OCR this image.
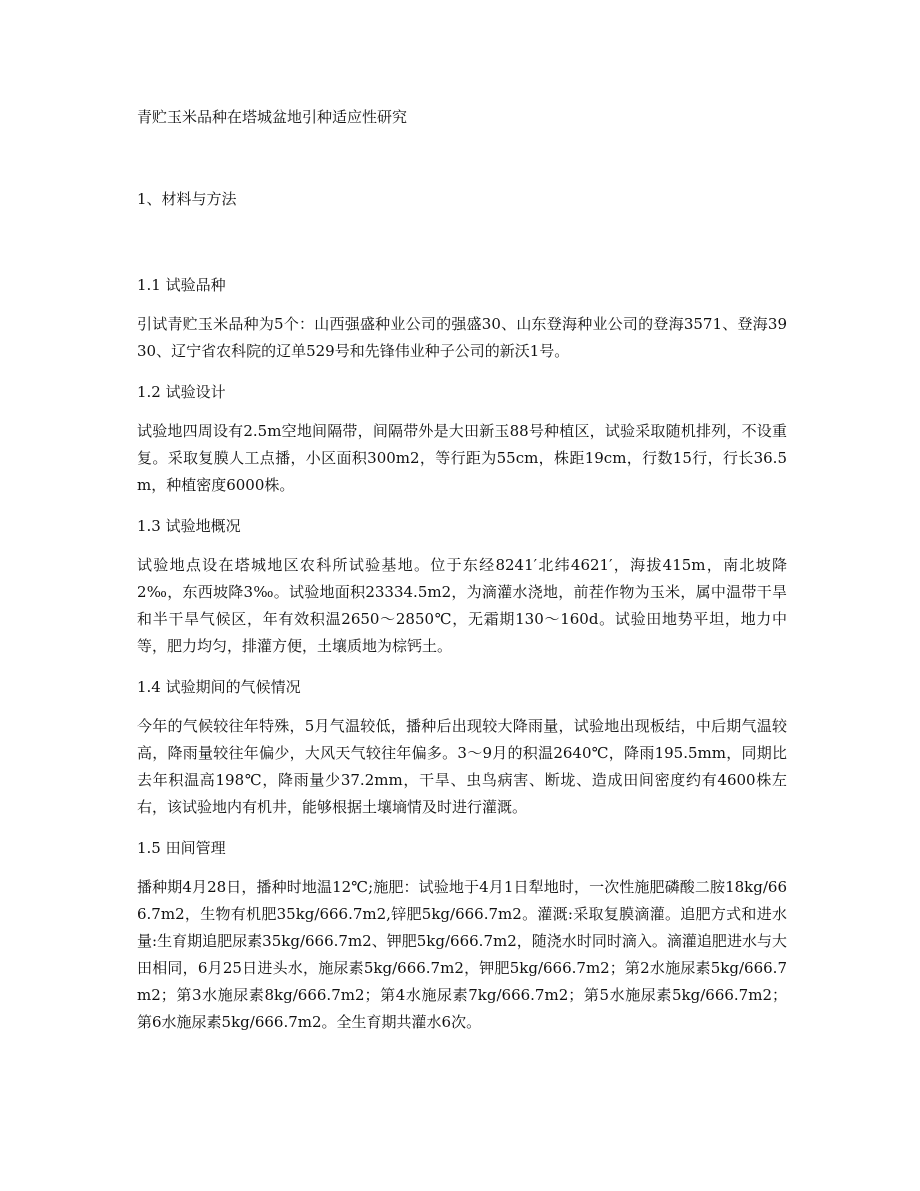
青贮玉米品种在塔城盆地引种适应性研究
1、材料与方法
1.1 试验品种

引试青贮玉米品种为5个：山西强盛种业公司的强盛30、山东登海种业公司的登海3571、登海3930、辽宁省农科院的辽单529号和先锋伟业种子公司的新沃1号。

1.2 试验设计

试验地四周设有2.5m空地间隔带，间隔带外是大田新玉88号种植区，试验采取随机排列，不设重复。采取复膜人工点播，小区面积300m2，等行距为55cm，株距19cm，行数15行，行长36.5m，种植密度6000株。

1.3 试验地概况

试验地点设在塔城地区农科所试验基地。位于东经8241′北纬4621′，海拔415m，南北坡降2‰，东西坡降3‰。试验地面积23334.5m2，为滴灌水浇地，前茬作物为玉米，属中温带干旱和半干旱气候区，年有效积温2650～2850℃，无霜期130～160d。试验田地势平坦，地力中等，肥力均匀，排灌方便，土壤质地为棕钙土。

1.4 试验期间的气候情况

今年的气候较往年特殊，5月气温较低，播种后出现较大降雨量，试验地出现板结，中后期气温较高，降雨量较往年偏少，大风天气较往年偏多。3～9月的积温2640℃，降雨195.5mm，同期比去年积温高198℃，降雨量少37.2mm，干旱、虫鸟病害、断垅、造成田间密度约有4600株左右，该试验地内有机井，能够根据土壤墒情及时进行灌溉。

1.5 田间管理

播种期4月28日，播种时地温12℃;施肥：试验地于4月1日犁地时，一次性施肥磷酸二胺18kg/666.7m2，生物有机肥35kg/666.7m2,锌肥5kg/666.7m2。灌溉:采取复膜滴灌。追肥方式和进水量:生育期追肥尿素35kg/666.7m2、钾肥5kg/666.7m2，随浇水时同时滴入。滴灌追肥进水与大田相同，6月25日进头水，施尿素5kg/666.7m2，钾肥5kg/666.7m2；第2水施尿素5kg/666.7m2；第3水施尿素8kg/666.7m2；第4水施尿素7kg/666.7m2；第5水施尿素5kg/666.7m2；第6水施尿素5kg/666.7m2。全生育期共灌水6次。
